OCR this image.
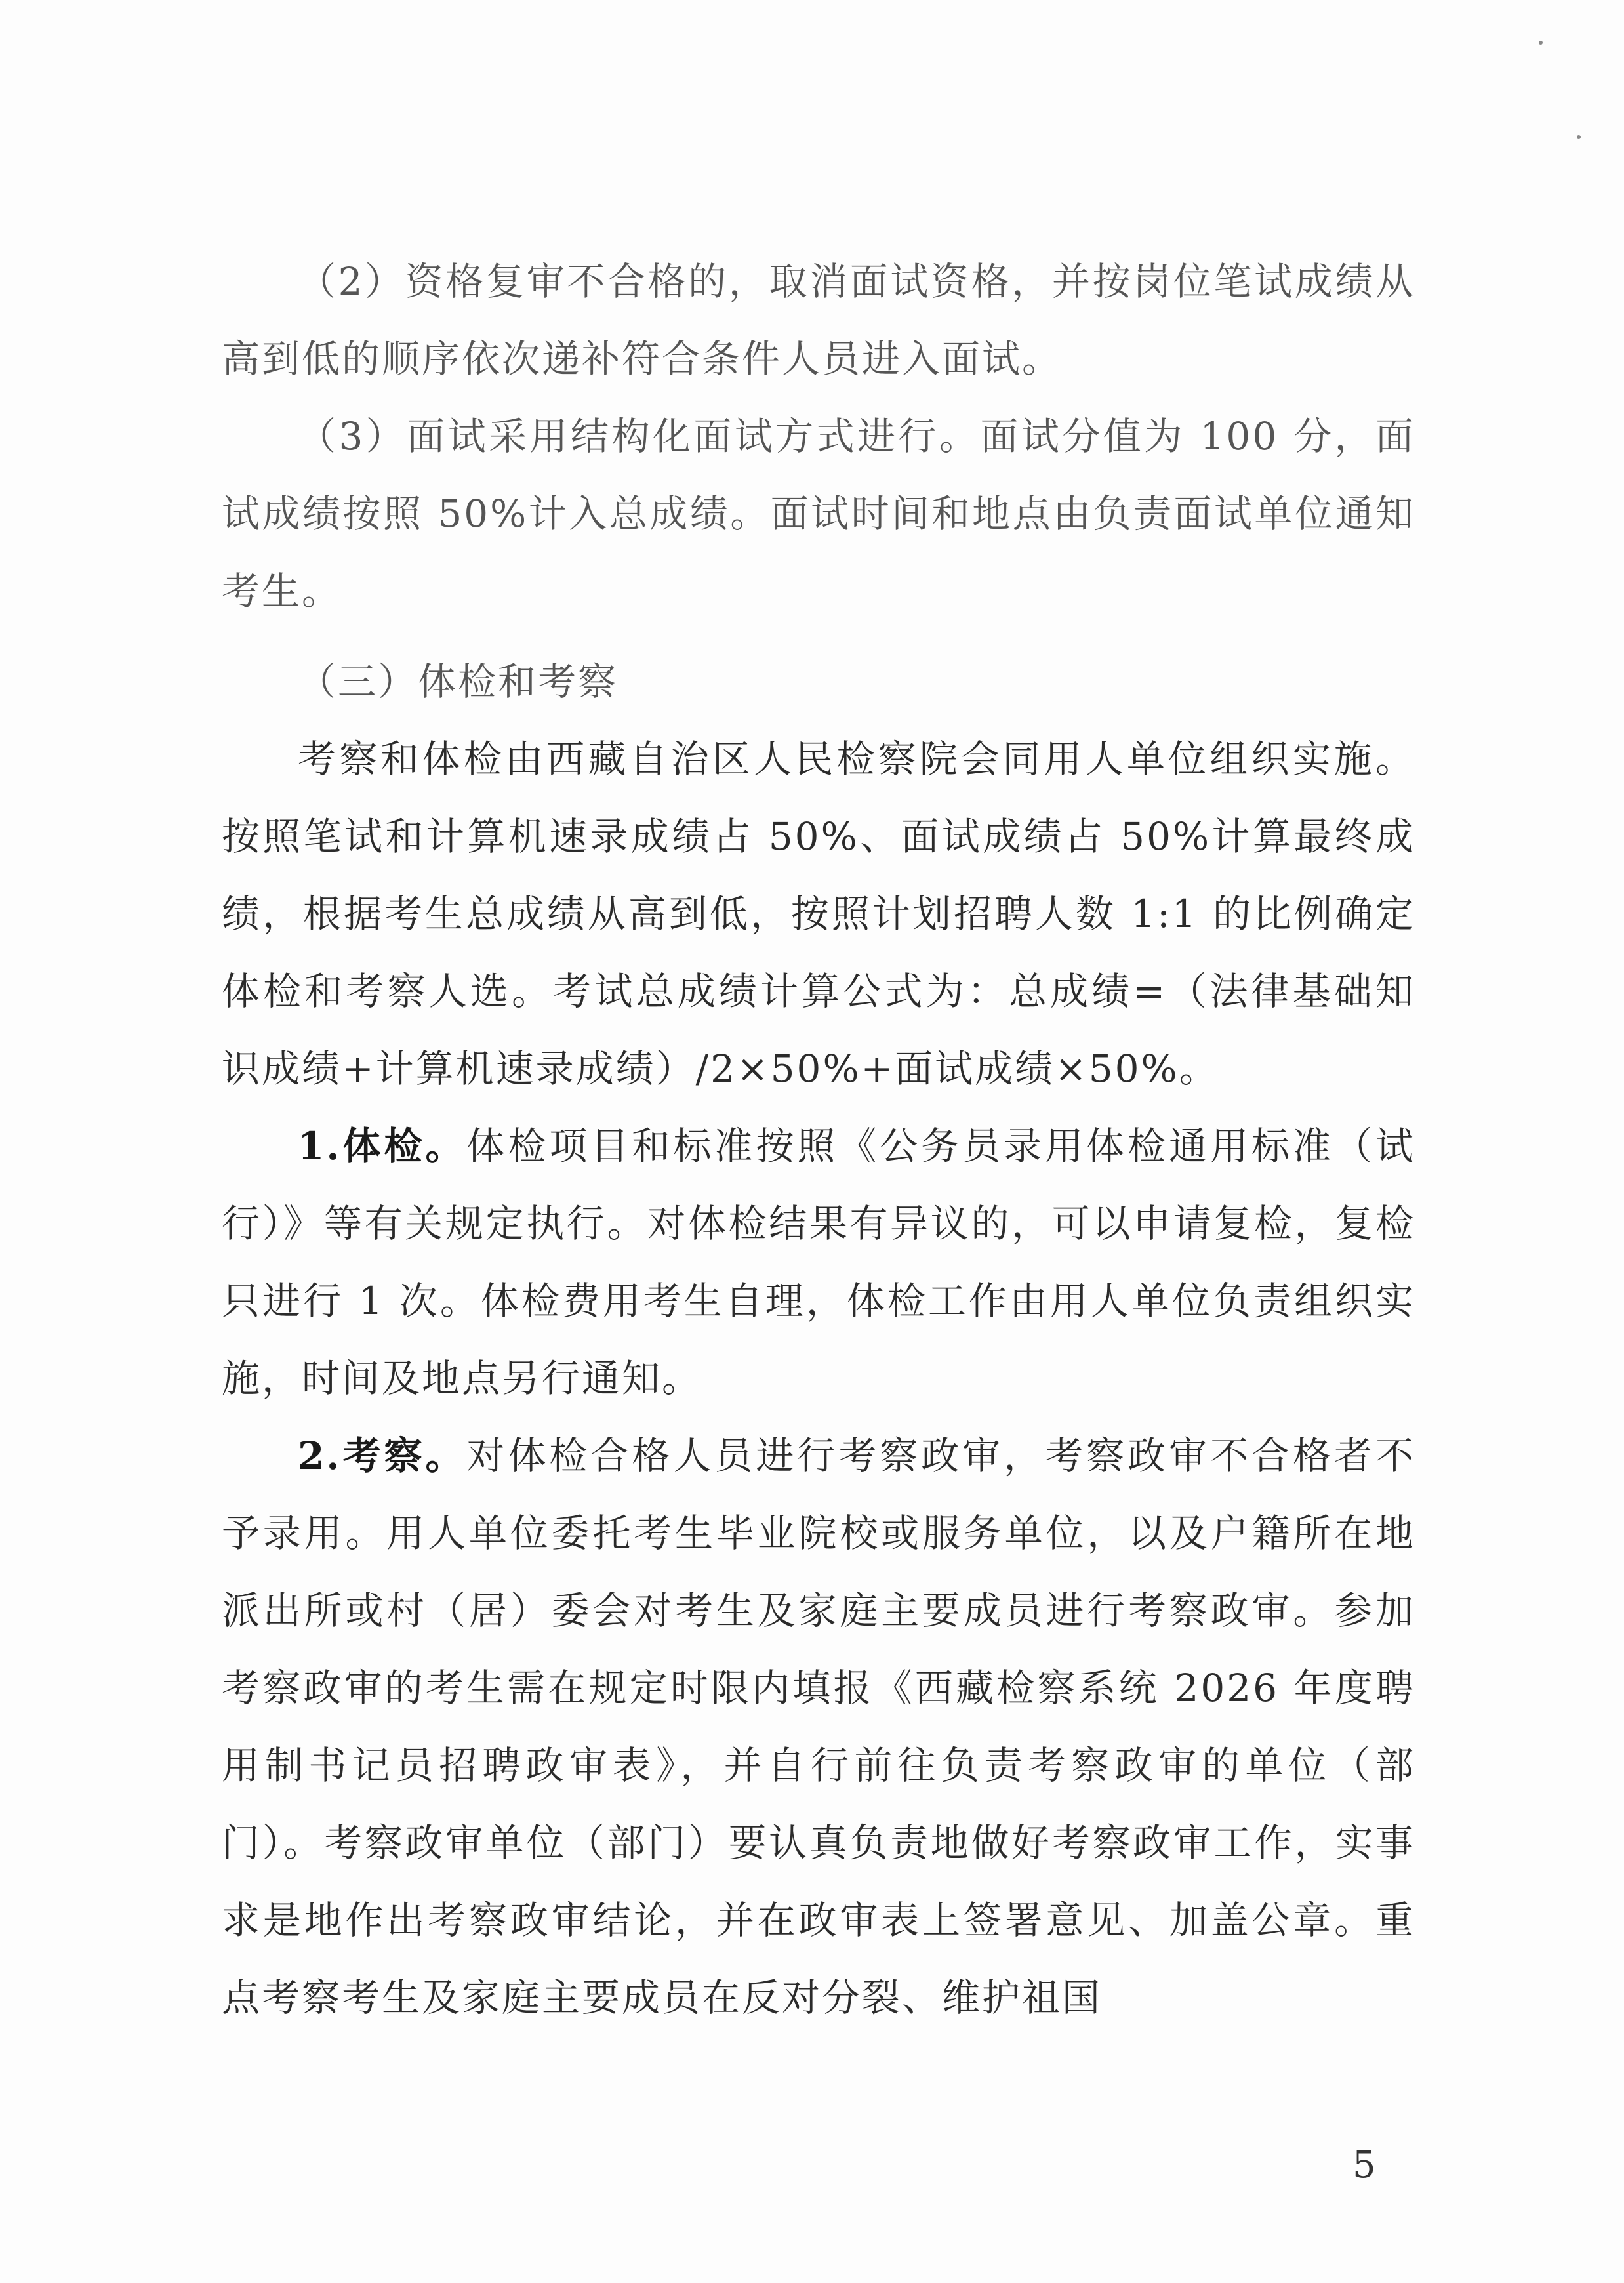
（2）资格复审不合格的，取消面试资格，并按岗位笔试成绩从高到低的顺序依次递补符合条件人员进入面试。

（3）面试采用结构化面试方式进行。面试分值为 100 分，面试成绩按照 50%计入总成绩。面试时间和地点由负责面试单位通知考生。

（三）体检和考察

考察和体检由西藏自治区人民检察院会同用人单位组织实施。按照笔试和计算机速录成绩占 50%、面试成绩占 50%计算最终成绩，根据考生总成绩从高到低，按照计划招聘人数 1:1 的比例确定体检和考察人选。考试总成绩计算公式为：总成绩=（法律基础知识成绩+计算机速录成绩）/2×50%+面试成绩×50%。

1.体检。体检项目和标准按照《公务员录用体检通用标准（试行）》等有关规定执行。对体检结果有异议的，可以申请复检，复检只进行 1 次。体检费用考生自理，体检工作由用人单位负责组织实施，时间及地点另行通知。

2.考察。对体检合格人员进行考察政审，考察政审不合格者不予录用。用人单位委托考生毕业院校或服务单位，以及户籍所在地派出所或村（居）委会对考生及家庭主要成员进行考察政审。参加考察政审的考生需在规定时限内填报《西藏检察系统 2026 年度聘用制书记员招聘政审表》，并自行前往负责考察政审的单位（部门）。考察政审单位（部门）要认真负责地做好考察政审工作，实事求是地作出考察政审结论，并在政审表上签署意见、加盖公章。重点考察考生及家庭主要成员在反对分裂、维护祖国

5
